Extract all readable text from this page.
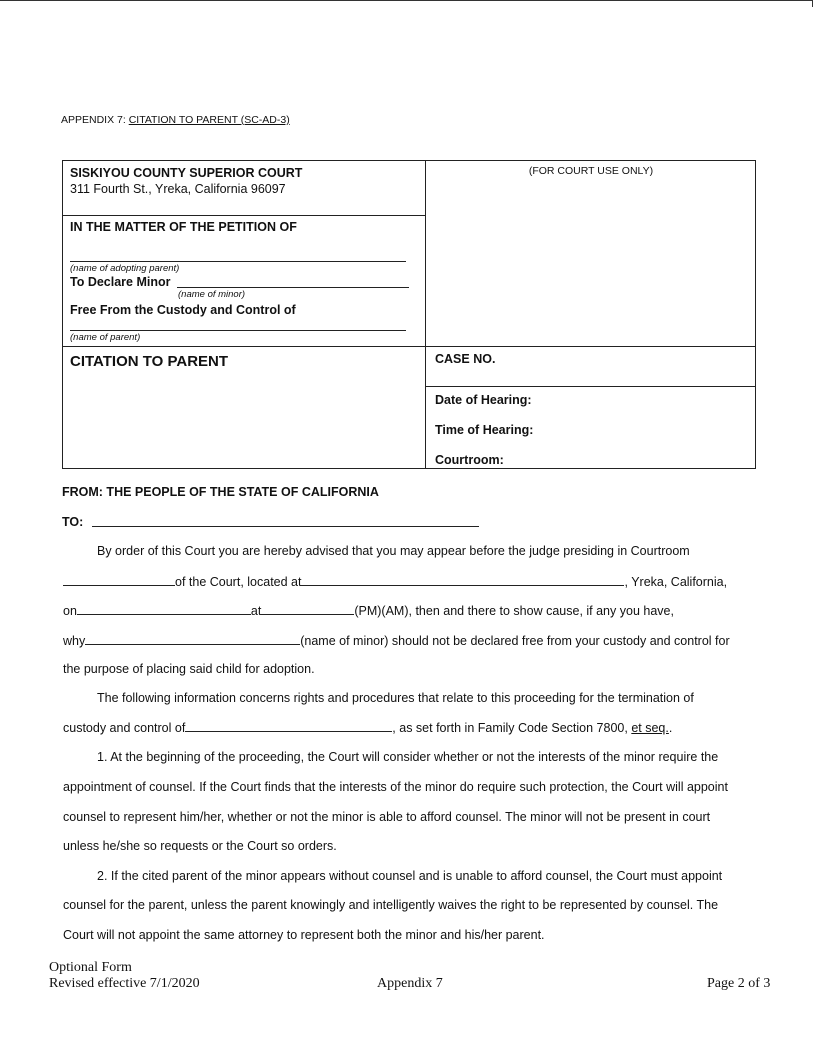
APPENDIX 7: CITATION TO PARENT (SC-AD-3)
SISKIYOU COUNTY SUPERIOR COURT
311 Fourth St., Yreka, California 96097
(FOR COURT USE ONLY)
IN THE MATTER OF THE PETITION OF
(name of adopting parent)
To Declare Minor
(name of minor)
Free From the Custody and Control of
(name of parent)
CITATION TO PARENT	CASE NO.
Date of Hearing:
Time of Hearing:
Courtroom:
FROM: THE PEOPLE OF THE STATE OF CALIFORNIA
TO:
By order of this Court you are hereby advised that you may appear before the judge presiding in Courtroom
of the Court, located at	, Yreka, California,
on	at	(PM)(AM), then and there to show cause, if any you have,
why	(name of minor) should not be declared free from your custody and control for
the purpose of placing said child for adoption.
The following information concerns rights and procedures that relate to this proceeding for the termination of
custody and control of	, as set forth in Family Code Section 7800, et seq..
1. At the beginning of the proceeding, the Court will consider whether or not the interests of the minor require the
appointment of counsel. If the Court finds that the interests of the minor do require such protection, the Court will appoint
counsel to represent him/her, whether or not the minor is able to afford counsel. The minor will not be present in court
unless he/she so requests or the Court so orders.
2. If the cited parent of the minor appears without counsel and is unable to afford counsel, the Court must appoint
counsel for the parent, unless the parent knowingly and intelligently waives the right to be represented by counsel. The
Court will not appoint the same attorney to represent both the minor and his/her parent.
Optional Form
Revised effective 7/1/2020	Appendix 7	Page 2 of 3
